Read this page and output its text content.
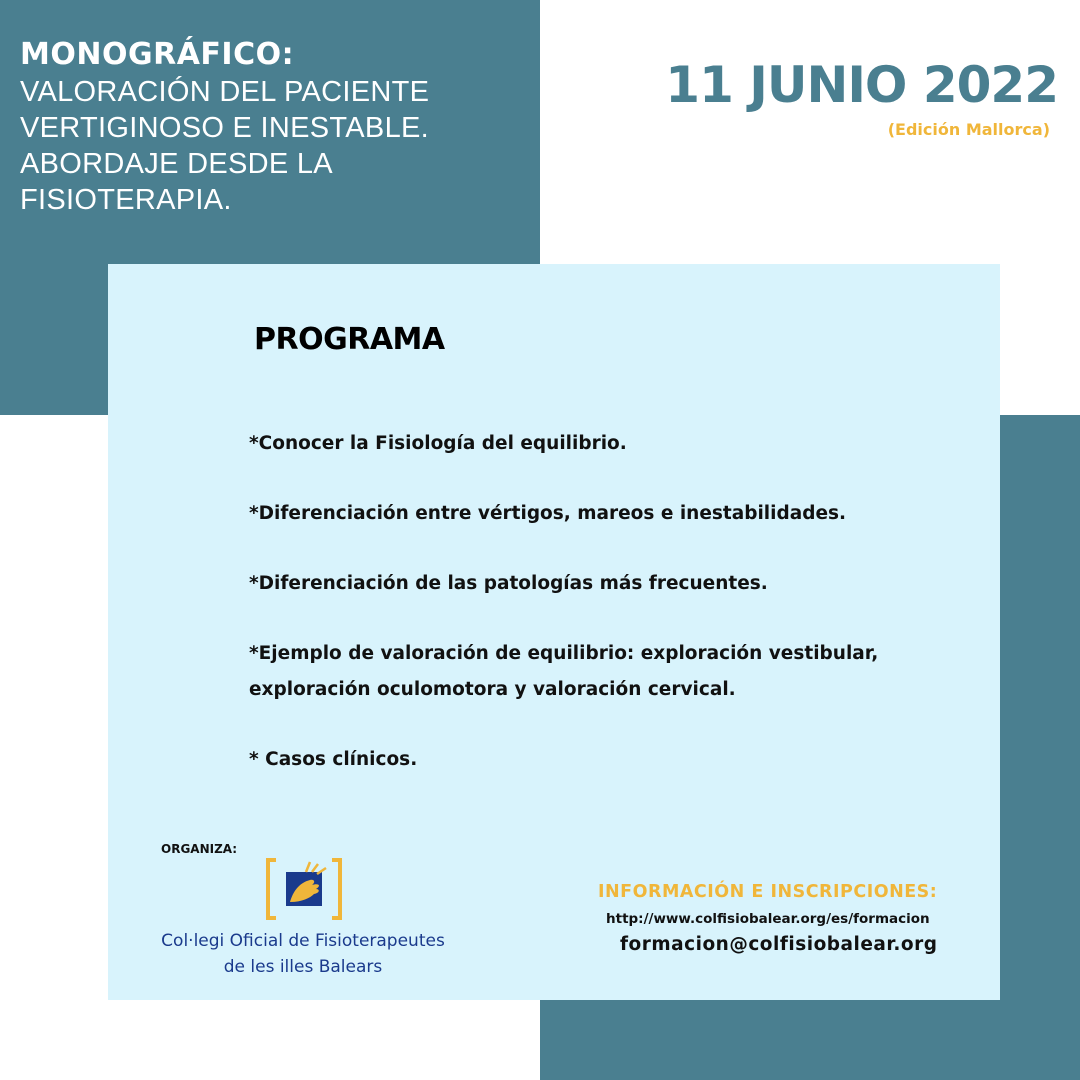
MONOGRÁFICO:
VALORACIÓN DEL PACIENTE
VERTIGINOSO E INESTABLE.
ABORDAJE DESDE LA FISIOTERAPIA.
11 JUNIO 2022
(Edición Mallorca)
PROGRAMA
*Conocer la Fisiología del equilibrio.
*Diferenciación entre vértigos, mareos e inestabilidades.
*Diferenciación de las patologías más frecuentes.
*Ejemplo de valoración de equilibrio: exploración vestibular, exploración oculomotora y valoración cervical.
* Casos clínicos.
ORGANIZA:
Col·legi Oficial de Fisioterapeutes
de les illes Balears
INFORMACIÓN E INSCRIPCIONES:
http://www.colfisiobalear.org/es/formacion
formacion@colfisiobalear.org
